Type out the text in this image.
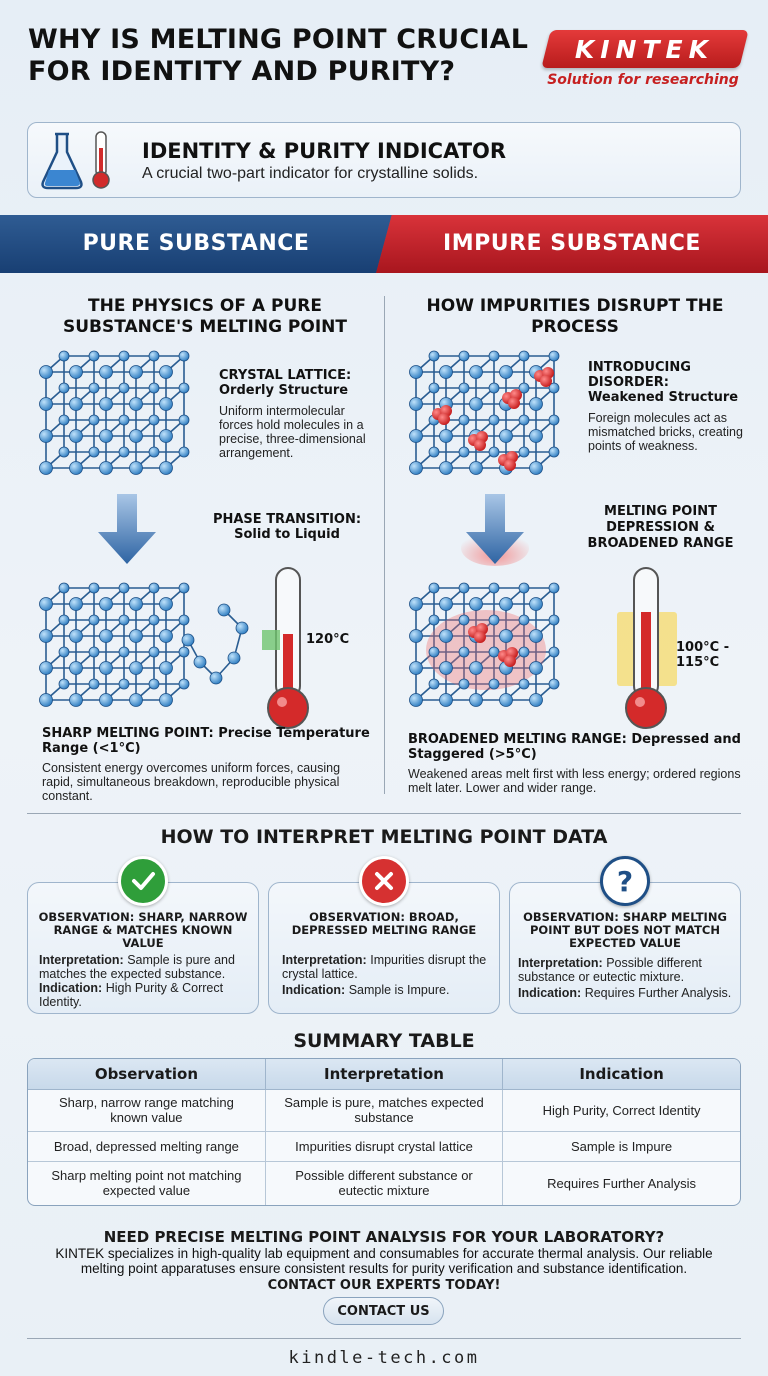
WHY IS MELTING POINT CRUCIAL FOR IDENTITY AND PURITY?
KINTEK
Solution for researching
IDENTITY & PURITY INDICATOR
A crucial two-part indicator for crystalline solids.
PURE SUBSTANCE	IMPURE SUBSTANCE
THE PHYSICS OF A PURE SUBSTANCE'S MELTING POINT
HOW IMPURITIES DISRUPT THE PROCESS
CRYSTAL LATTICE: Orderly Structure
Uniform intermolecular forces hold molecules in a precise, three-dimensional arrangement.
PHASE TRANSITION: Solid to Liquid
120°C
SHARP MELTING POINT: Precise Temperature Range (<1°C)
Consistent energy overcomes uniform forces, causing rapid, simultaneous breakdown, reproducible physical constant.
INTRODUCING DISORDER: Weakened Structure
Foreign molecules act as mismatched bricks, creating points of weakness.
MELTING POINT DEPRESSION & BROADENED RANGE
100°C - 115°C
BROADENED MELTING RANGE: Depressed and Staggered (>5°C)
Weakened areas melt first with less energy; ordered regions melt later. Lower and wider range.
HOW TO INTERPRET MELTING POINT DATA
?
OBSERVATION: SHARP, NARROW RANGE & MATCHES KNOWN VALUE
OBSERVATION: BROAD, DEPRESSED MELTING RANGE
OBSERVATION: SHARP MELTING POINT BUT DOES NOT MATCH EXPECTED VALUE
Interpretation: Sample is pure and matches the expected substance.
Indication: High Purity & Correct Identity.
Interpretation: Impurities disrupt the crystal lattice.
Indication: Sample is Impure.
Interpretation: Possible different substance or eutectic mixture.
Indication: Requires Further Analysis.
SUMMARY TABLE
Observation	Interpretation	Indication
Sharp, narrow range matching known value	Sample is pure, matches expected substance	High Purity, Correct Identity
Broad, depressed melting range	Impurities disrupt crystal lattice	Sample is Impure
Sharp melting point not matching expected value	Possible different substance or eutectic mixture	Requires Further Analysis
NEED PRECISE MELTING POINT ANALYSIS FOR YOUR LABORATORY?
KINTEK specializes in high-quality lab equipment and consumables for accurate thermal analysis. Our reliable melting point apparatuses ensure consistent results for purity verification and substance identification.
CONTACT OUR EXPERTS TODAY!
CONTACT US
kindle-tech.com
